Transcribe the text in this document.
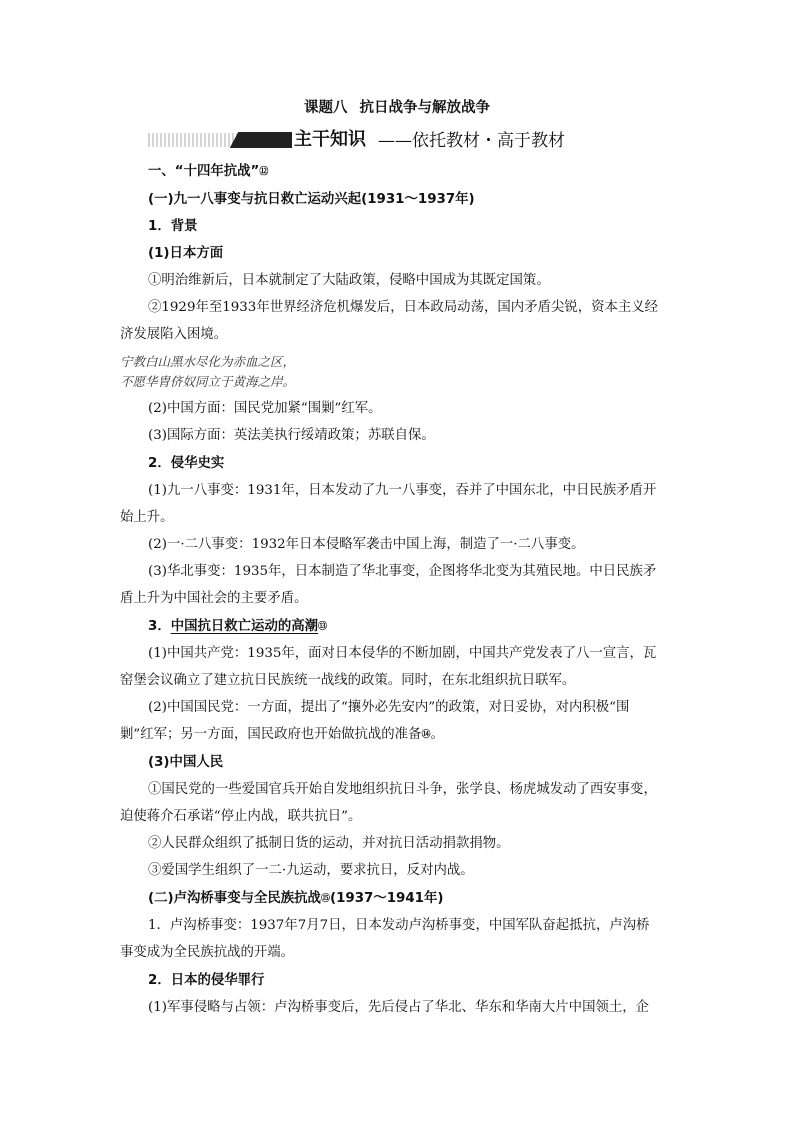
课题八 抗日战争与解放战争
主干知识 ——依托教材・高于教材
一、“十四年抗战”⑫
(一)九一八事变与抗日救亡运动兴起(1931～1937年)
1．背景
(1)日本方面
①明治维新后，日本就制定了大陆政策，侵略中国成为其既定国策。
②1929年至1933年世界经济危机爆发后，日本政局动荡，国内矛盾尖锐，资本主义经
济发展陷入困境。
宁教白山黑水尽化为赤血之区，
不愿华胄侪奴同立于黄海之岸。
(2)中国方面：国民党加紧“围剿”红军。
(3)国际方面：英法美执行绥靖政策；苏联自保。
2．侵华史实
(1)九一八事变：1931年，日本发动了九一八事变，吞并了中国东北，中日民族矛盾开
始上升。
(2)一·二八事变：1932年日本侵略军袭击中国上海，制造了一·二八事变。
(3)华北事变：1935年，日本制造了华北事变，企图将华北变为其殖民地。中日民族矛
盾上升为中国社会的主要矛盾。
3．中国抗日救亡运动的高潮⑬
(1)中国共产党：1935年，面对日本侵华的不断加剧，中国共产党发表了八一宣言，瓦
窑堡会议确立了建立抗日民族统一战线的政策。同时，在东北组织抗日联军。
(2)中国国民党：一方面，提出了“攘外必先安内”的政策，对日妥协，对内积极“围
剿”红军；另一方面，国民政府也开始做抗战的准备⑭。
(3)中国人民
①国民党的一些爱国官兵开始自发地组织抗日斗争，张学良、杨虎城发动了西安事变，
迫使蒋介石承诺“停止内战，联共抗日”。
②人民群众组织了抵制日货的运动，并对抗日活动捐款捐物。
③爱国学生组织了一二·九运动，要求抗日，反对内战。
(二)卢沟桥事变与全民族抗战⑮(1937～1941年)
1．卢沟桥事变：1937年7月7日，日本发动卢沟桥事变，中国军队奋起抵抗，卢沟桥
事变成为全民族抗战的开端。
2．日本的侵华罪行
(1)军事侵略与占领：卢沟桥事变后，先后侵占了华北、华东和华南大片中国领土，企
